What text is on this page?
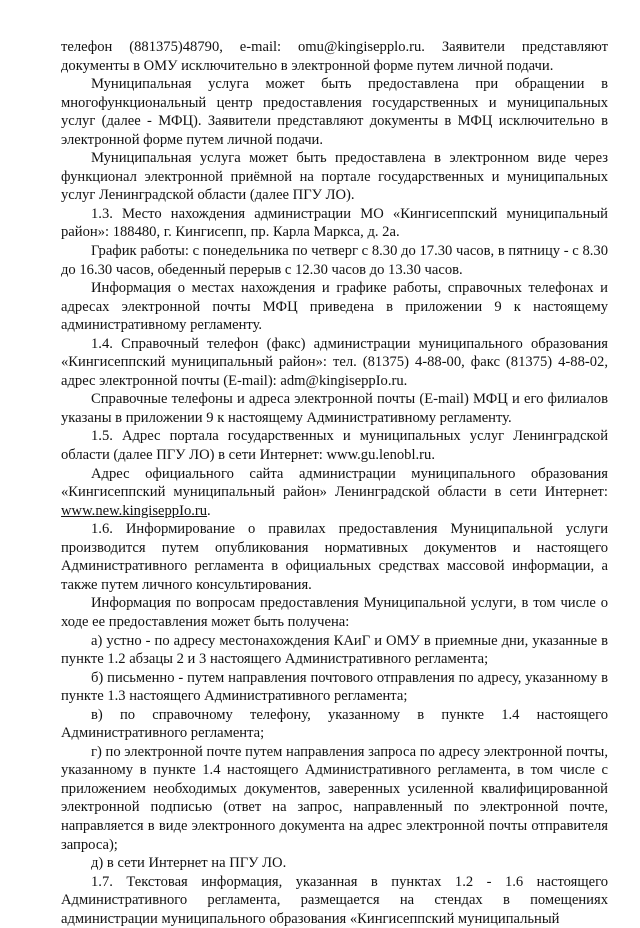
телефон (881375)48790, e-mail: omu@kingisepplo.ru. Заявители представляют документы в ОМУ исключительно в электронной форме путем личной подачи.

Муниципальная услуга может быть предоставлена при обращении в многофункциональный центр предоставления государственных и муниципальных услуг (далее - МФЦ). Заявители представляют документы в МФЦ исключительно в электронной форме путем личной подачи.

Муниципальная услуга может быть предоставлена в электронном виде через функционал электронной приёмной на портале государственных и муниципальных услуг Ленинградской области (далее ПГУ ЛО).

1.3. Место нахождения администрации МО «Кингисеппский муниципальный район»: 188480, г. Кингисепп, пр. Карла Маркса, д. 2а.

График работы: с понедельника по четверг с 8.30 до 17.30 часов, в пятницу - с 8.30 до 16.30 часов, обеденный перерыв с 12.30 часов до 13.30 часов.

Информация о местах нахождения и графике работы, справочных телефонах и адресах электронной почты МФЦ приведена в приложении 9 к настоящему административному регламенту.

1.4. Справочный телефон (факс) администрации муниципального образования «Кингисеппский муниципальный район»: тел. (81375) 4-88-00, факс (81375) 4-88-02, адрес электронной почты (E-mail): adm@kingiseppIo.ru.

Справочные телефоны и адреса электронной почты (E-mail) МФЦ и его филиалов указаны в приложении 9 к настоящему Административному регламенту.

1.5. Адрес портала государственных и муниципальных услуг Ленинградской области (далее ПГУ ЛО) в сети Интернет: www.gu.lenobl.ru.

Адрес официального сайта администрации муниципального образования «Кингисеппский муниципальный район» Ленинградской области в сети Интернет: www.new.kingiseppIo.ru.

1.6. Информирование о правилах предоставления Муниципальной услуги производится путем опубликования нормативных документов и настоящего Административного регламента в официальных средствах массовой информации, а также путем личного консультирования.

Информация по вопросам предоставления Муниципальной услуги, в том числе о ходе ее предоставления может быть получена:

а) устно - по адресу местонахождения КАиГ и ОМУ в приемные дни, указанные в пункте 1.2 абзацы 2 и 3 настоящего Административного регламента;

б) письменно - путем направления почтового отправления по адресу, указанному в пункте 1.3 настоящего Административного регламента;

в) по справочному телефону, указанному в пункте 1.4 настоящего Административного регламента;

г) по электронной почте путем направления запроса по адресу электронной почты, указанному в пункте 1.4 настоящего Административного регламента, в том числе с приложением необходимых документов, заверенных усиленной квалифицированной электронной подписью (ответ на запрос, направленный по электронной почте, направляется в виде электронного документа на адрес электронной почты отправителя запроса);

д) в сети Интернет на ПГУ ЛО.

1.7. Текстовая информация, указанная в пунктах 1.2 - 1.6 настоящего Административного регламента, размещается на стендах в помещениях администрации муниципального образования «Кингисеппский муниципальный
